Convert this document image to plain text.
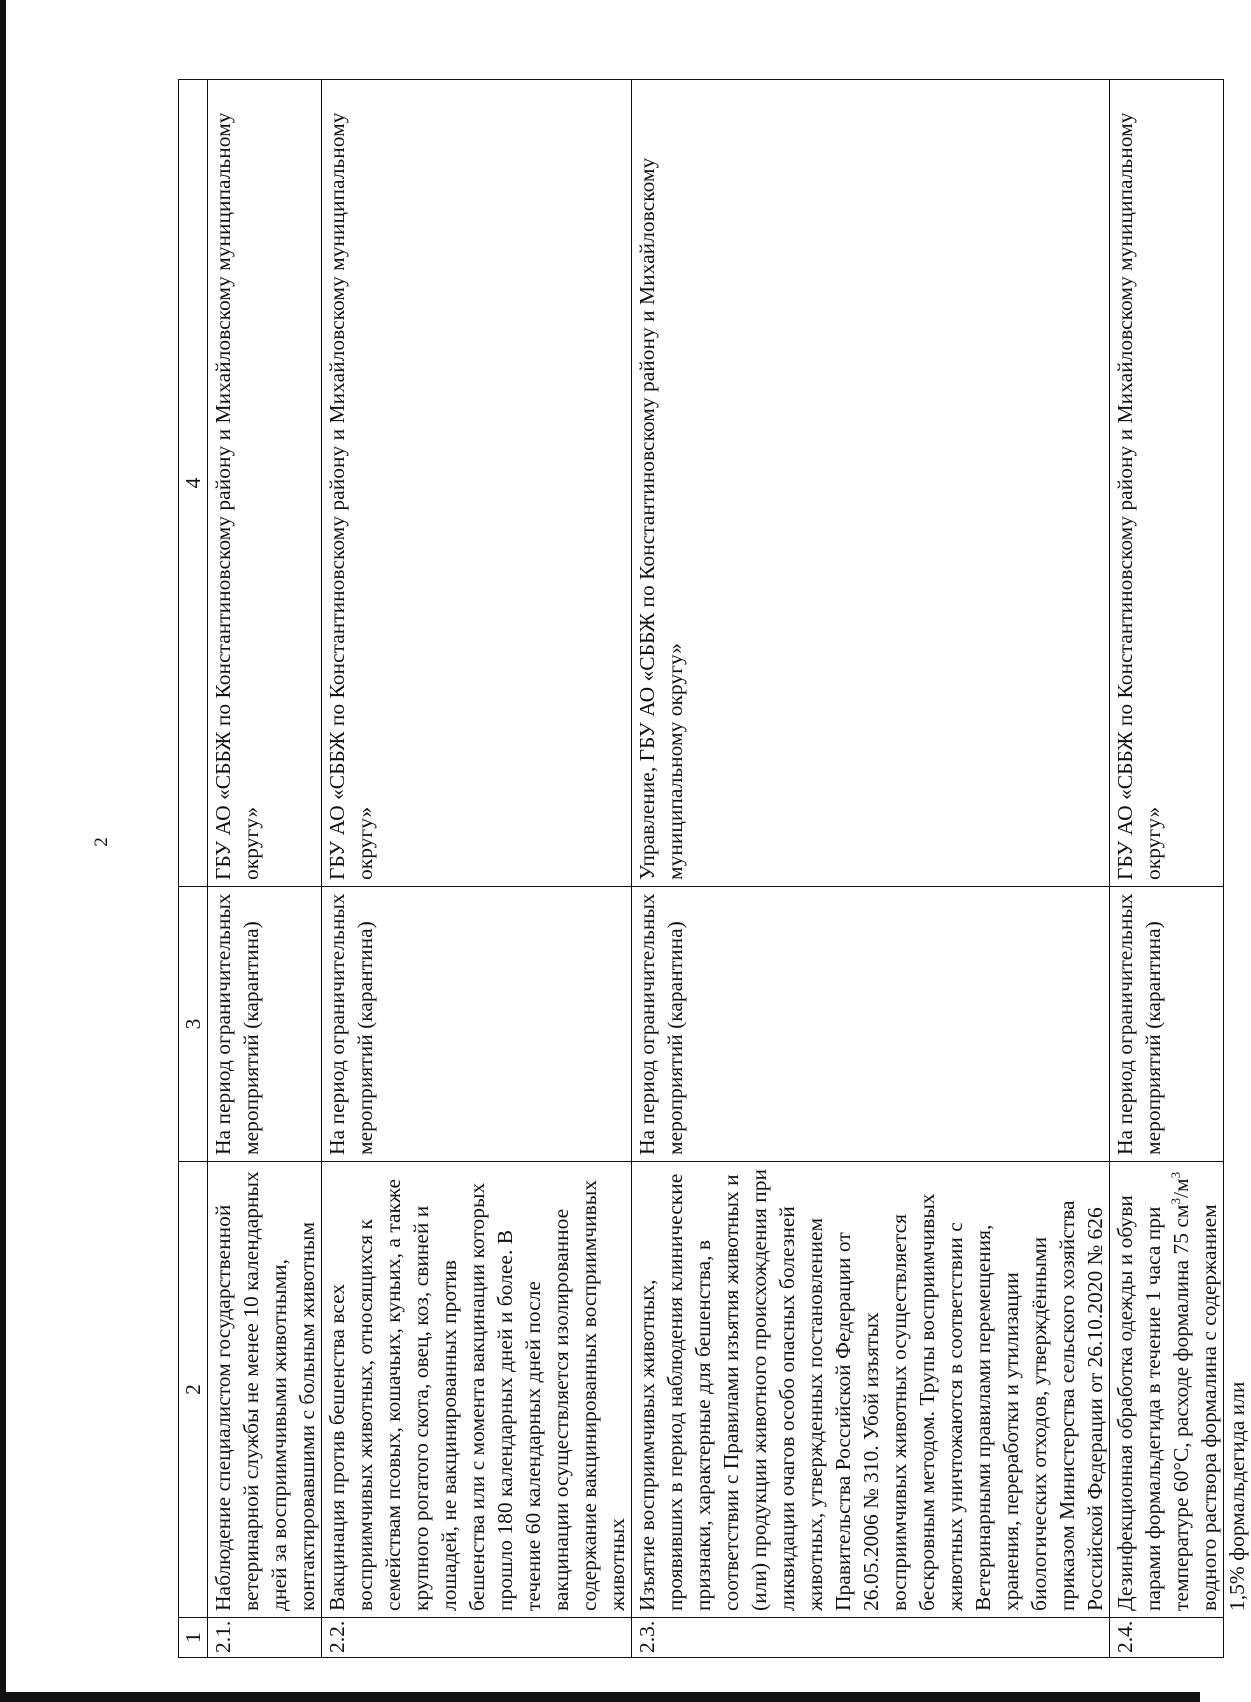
2
1	2	3	4
2.1.	Наблюдение специалистом государственной ветеринарной службы не менее 10 календарных дней за восприимчивыми животными, контактировавшими с больным животным	На период ограничительных мероприятий (карантина)	ГБУ АО «СББЖ по Константиновскому району и Михайловскому муниципальному округу»
2.2.	Вакцинация против бешенства всех восприимчивых животных, относящихся к семействам псовых, кошачьих, куньих, а также крупного рогатого скота, овец, коз, свиней и лошадей, не вакцинированных против бешенства или с момента вакцинации которых прошло 180 календарных дней и более. В течение 60 календарных дней после вакцинации осуществляется изолированное содержание вакцинированных восприимчивых животных	На период ограничительных мероприятий (карантина)	ГБУ АО «СББЖ по Константиновскому району и Михайловскому муниципальному округу»
2.3.	Изъятие восприимчивых животных, проявивших в период наблюдения клинические признаки, характерные для бешенства, в соответствии с Правилами изъятия животных и (или) продукции животного происхождения при ликвидации очагов особо опасных болезней животных, утвержденных постановлением Правительства Российской Федерации от 26.05.2006 № 310. Убой изъятых восприимчивых животных осуществляется бескровным методом. Трупы восприимчивых животных уничтожаются в соответствии с Ветеринарными правилами перемещения, хранения, переработки и утилизации биологических отходов, утверждёнными приказом Министерства сельского хозяйства Российской Федерации от 26.10.2020 № 626	На период ограничительных мероприятий (карантина)	Управление, ГБУ АО «СББЖ по Константиновскому району и Михайловскому муниципальному округу»
2.4.	Дезинфекционная обработка одежды и обуви парами формальдегида в течение 1 часа при температуре 60°С, расходе формалина 75 $см^3/м^3$ водного раствора формалина с содержанием 1,5% формальдегида или	На период ограничительных мероприятий (карантина)	ГБУ АО «СББЖ по Константиновскому району и Михайловскому муниципальному округу»
